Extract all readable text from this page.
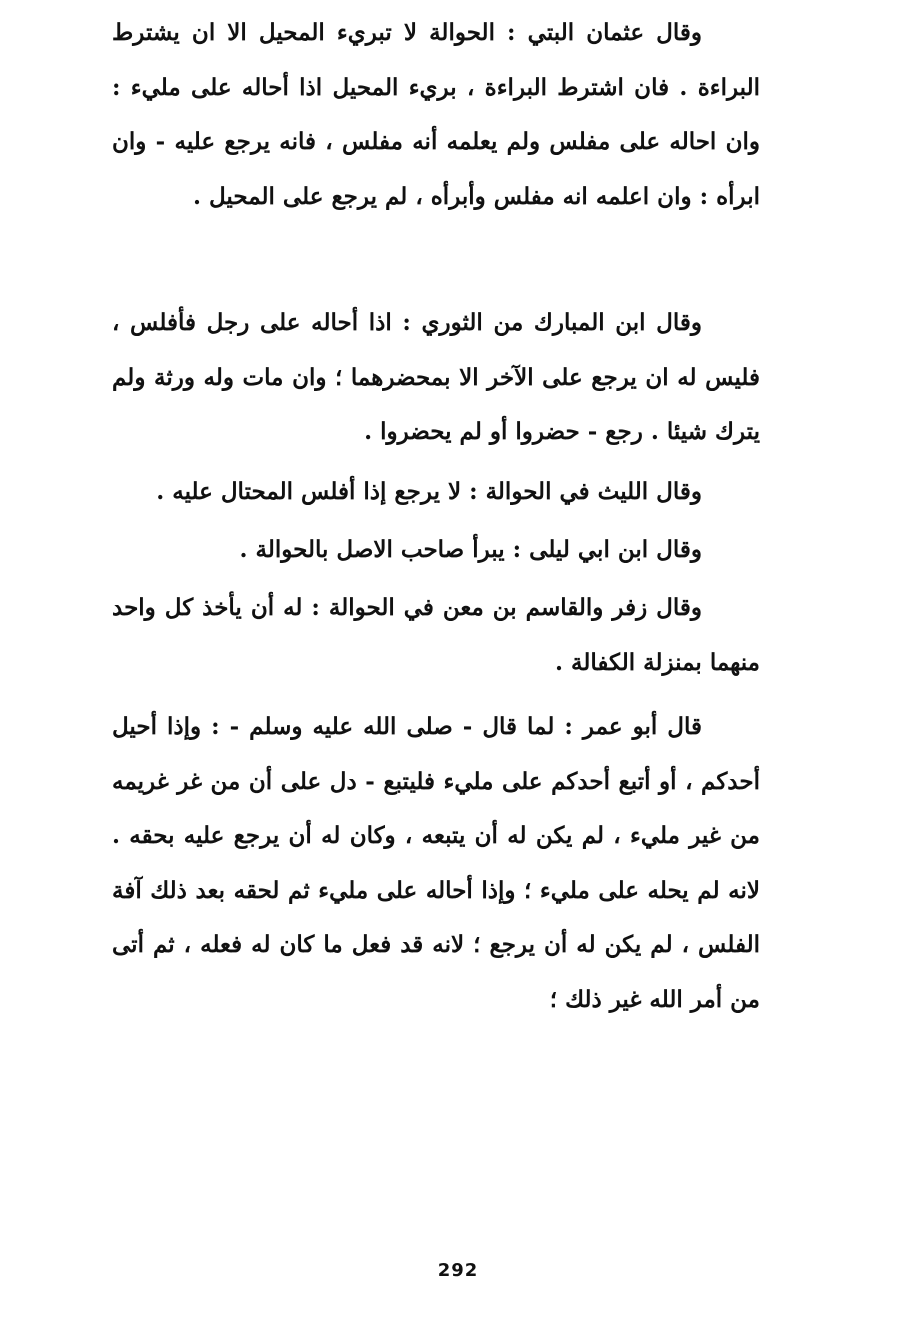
وقال عثمان البتي : الحوالة لا تبريء المحيل الا ان يشترط البراءة . فان اشترط البراءة ، بريء المحيل اذا أحاله على مليء : وان احاله على مفلس ولم يعلمه أنه مفلس ، فانه يرجع عليه - وان ابرأه : وان اعلمه انه مفلس وأبرأه ، لم يرجع على المحيل .

وقال ابن المبارك من الثوري : اذا أحاله على رجل فأفلس ، فليس له ان يرجع على الآخر الا بمحضرهما ؛ وان مات وله ورثة ولم يترك شيئا . رجع - حضروا أو لم يحضروا .

وقال الليث في الحوالة : لا يرجع إذا أفلس المحتال عليه .

وقال ابن ابي ليلى : يبرأ صاحب الاصل بالحوالة .

وقال زفر والقاسم بن معن في الحوالة : له أن يأخذ كل واحد منهما بمنزلة الكفالة .

قال أبو عمر : لما قال - صلى الله عليه وسلم - : وإذا أحيل أحدكم ، أو أتبع أحدكم على مليء فليتبع - دل على أن من غر غريمه من غير مليء ، لم يكن له أن يتبعه ، وكان له أن يرجع عليه بحقه . لانه لم يحله على مليء ؛ وإذا أحاله على مليء ثم لحقه بعد ذلك آفة الفلس ، لم يكن له أن يرجع ؛ لانه قد فعل ما كان له فعله ، ثم أتى من أمر الله غير ذلك ؛

292
